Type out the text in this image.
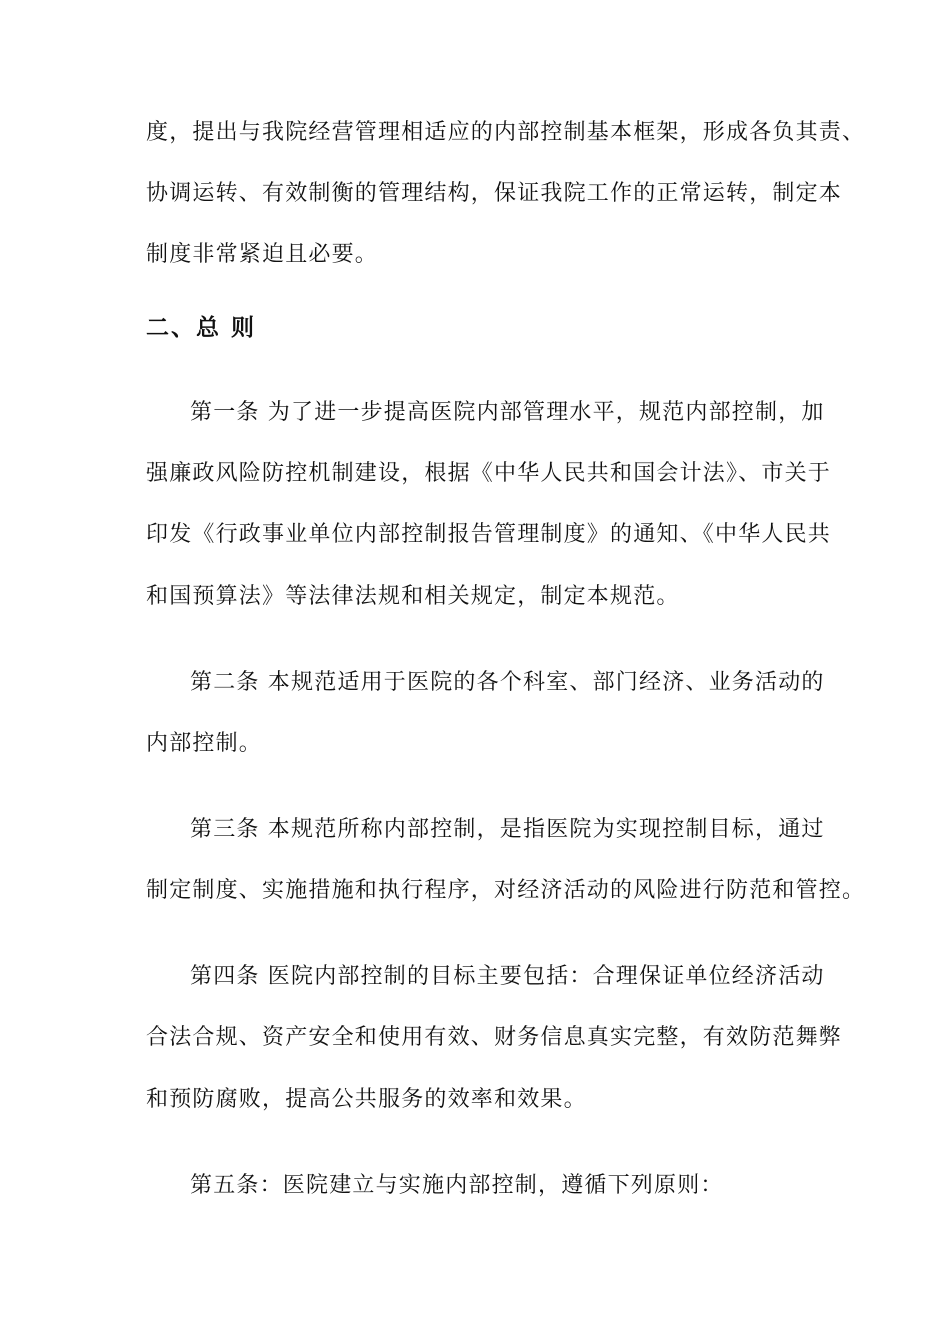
度，提出与我院经营管理相适应的内部控制基本框架，形成各负其责、
协调运转、有效制衡的管理结构，保证我院工作的正常运转，制定本
制度非常紧迫且必要。
二、总 则
第一条 为了进一步提高医院内部管理水平，规范内部控制，加
强廉政风险防控机制建设，根据《中华人民共和国会计法》、市关于
印发《行政事业单位内部控制报告管理制度》的通知、《中华人民共
和国预算法》等法律法规和相关规定，制定本规范。
第二条 本规范适用于医院的各个科室、部门经济、业务活动的
内部控制。
第三条 本规范所称内部控制，是指医院为实现控制目标，通过
制定制度、实施措施和执行程序，对经济活动的风险进行防范和管控。
第四条 医院内部控制的目标主要包括：合理保证单位经济活动
合法合规、资产安全和使用有效、财务信息真实完整，有效防范舞弊
和预防腐败，提高公共服务的效率和效果。
第五条：医院建立与实施内部控制，遵循下列原则：
